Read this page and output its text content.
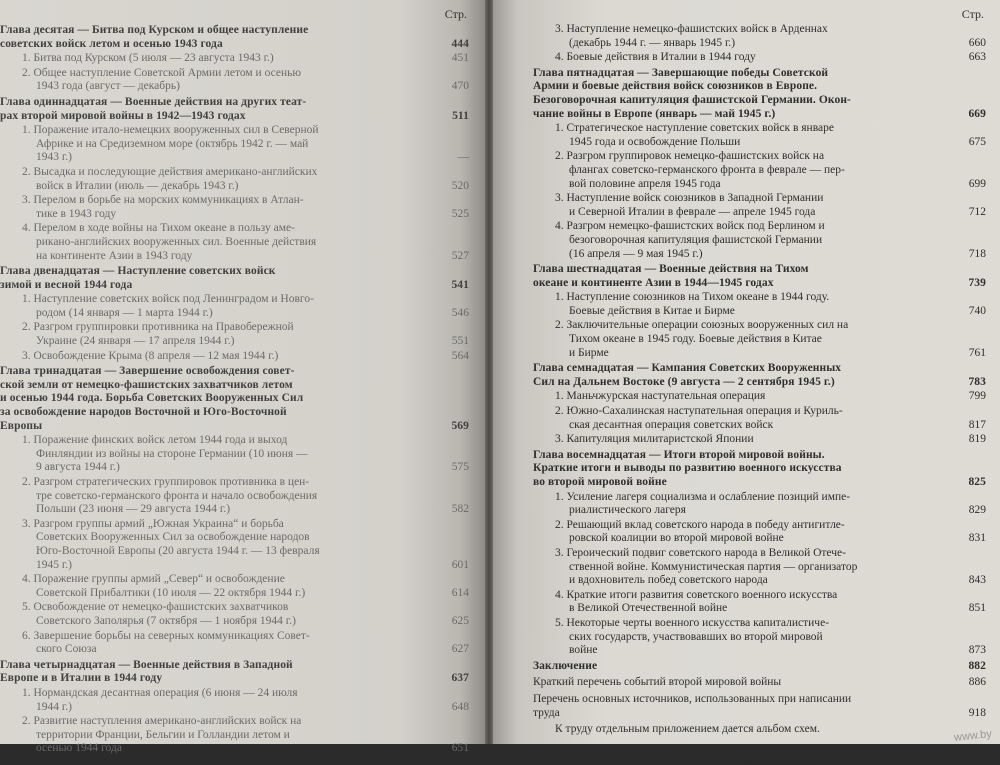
Стр.
Глава десятая — Битва под Курском и общее наступление
советских войск летом и осенью 1943 года	444
1. Битва под Курском (5 июля — 23 августа 1943 г.)	451
2. Общее наступление Советской Армии летом и осенью
1943 года (август — декабрь)	470
Глава одиннадцатая — Военные действия на других теат-
рах второй мировой войны в 1942—1943 годах	511
1. Поражение итало-немецких вооруженных сил в Северной
Африке и на Средиземном море (октябрь 1942 г. — май
1943 г.)	—
2. Высадка и последующие действия американо-английских
войск в Италии (июль — декабрь 1943 г.)	520
3. Перелом в борьбе на морских коммуникациях в Атлан-
тике в 1943 году	525
4. Перелом в ходе войны на Тихом океане в пользу аме-
рикано-английских вооруженных сил. Военные действия
на континенте Азии в 1943 году	527
Глава двенадцатая — Наступление советских войск
зимой и весной 1944 года	541
1. Наступление советских войск под Ленинградом и Новго-
родом (14 января — 1 марта 1944 г.)	546
2. Разгром группировки противника на Правобережной
Украине (24 января — 17 апреля 1944 г.)	551
3. Освобождение Крыма (8 апреля — 12 мая 1944 г.)	564
Глава тринадцатая — Завершение освобождения совет-
ской земли от немецко-фашистских захватчиков летом
и осенью 1944 года. Борьба Советских Вооруженных Сил
за освобождение народов Восточной и Юго-Восточной
Европы	569
1. Поражение финских войск летом 1944 года и выход
Финляндии из войны на стороне Германии (10 июня —
9 августа 1944 г.)	575
2. Разгром стратегических группировок противника в цен-
тре советско-германского фронта и начало освобождения
Польши (23 июня — 29 августа 1944 г.)	582
3. Разгром группы армий „Южная Украина“ и борьба
Советских Вооруженных Сил за освобождение народов
Юго-Восточной Европы (20 августа 1944 г. — 13 февраля
1945 г.)	601
4. Поражение группы армий „Север“ и освобождение
Советской Прибалтики (10 июля — 22 октября 1944 г.)	614
5. Освобождение от немецко-фашистских захватчиков
Советского Заполярья (7 октября — 1 ноября 1944 г.)	625
6. Завершение борьбы на северных коммуникациях Совет-
ского Союза	627
Глава четырнадцатая — Военные действия в Западной
Европе и в Италии в 1944 году	637
1. Нормандская десантная операция (6 июня — 24 июля
1944 г.)	648
2. Развитие наступления американо-английских войск на
территории Франции, Бельгии и Голландии летом и
осенью 1944 года	651
Стр.
3. Наступление немецко-фашистских войск в Арденнах
(декабрь 1944 г. — январь 1945 г.)	660
4. Боевые действия в Италии в 1944 году	663
Глава пятнадцатая — Завершающие победы Советской
Армии и боевые действия войск союзников в Европе.
Безоговорочная капитуляция фашистской Германии. Окон-
чание войны в Европе (январь — май 1945 г.)	669
1. Стратегическое наступление советских войск в январе
1945 года и освобождение Польши	675
2. Разгром группировок немецко-фашистских войск на
флангах советско-германского фронта в феврале — пер-
вой половине апреля 1945 года	699
3. Наступление войск союзников в Западной Германии
и Северной Италии в феврале — апреле 1945 года	712
4. Разгром немецко-фашистских войск под Берлином и
безоговорочная капитуляция фашистской Германии
(16 апреля — 9 мая 1945 г.)	718
Глава шестнадцатая — Военные действия на Тихом
океане и континенте Азии в 1944—1945 годах	739
1. Наступление союзников на Тихом океане в 1944 году.
Боевые действия в Китае и Бирме	740
2. Заключительные операции союзных вооруженных сил на
Тихом океане в 1945 году. Боевые действия в Китае
и Бирме	761
Глава семнадцатая — Кампания Советских Вооруженных
Сил на Дальнем Востоке (9 августа — 2 сентября 1945 г.)	783
1. Маньчжурская наступательная операция	799
2. Южно-Сахалинская наступательная операция и Куриль-
ская десантная операция советских войск	817
3. Капитуляция милитаристской Японии	819
Глава восемнадцатая — Итоги второй мировой войны.
Краткие итоги и выводы по развитию военного искусства
во второй мировой войне	825
1. Усиление лагеря социализма и ослабление позиций импе-
риалистического лагеря	829
2. Решающий вклад советского народа в победу антигитле-
ровской коалиции во второй мировой войне	831
3. Героический подвиг советского народа в Великой Отече-
ственной войне. Коммунистическая партия — организатор
и вдохновитель побед советского народа	843
4. Краткие итоги развития советского военного искусства
в Великой Отечественной войне	851
5. Некоторые черты военного искусства капиталистиче-
ских государств, участвовавших во второй мировой
войне	873
Заключение	882
Краткий перечень событий второй мировой войны	886
Перечень основных источников, использованных при написании
труда	918
К труду отдельным приложением дается альбом схем.	www.by
